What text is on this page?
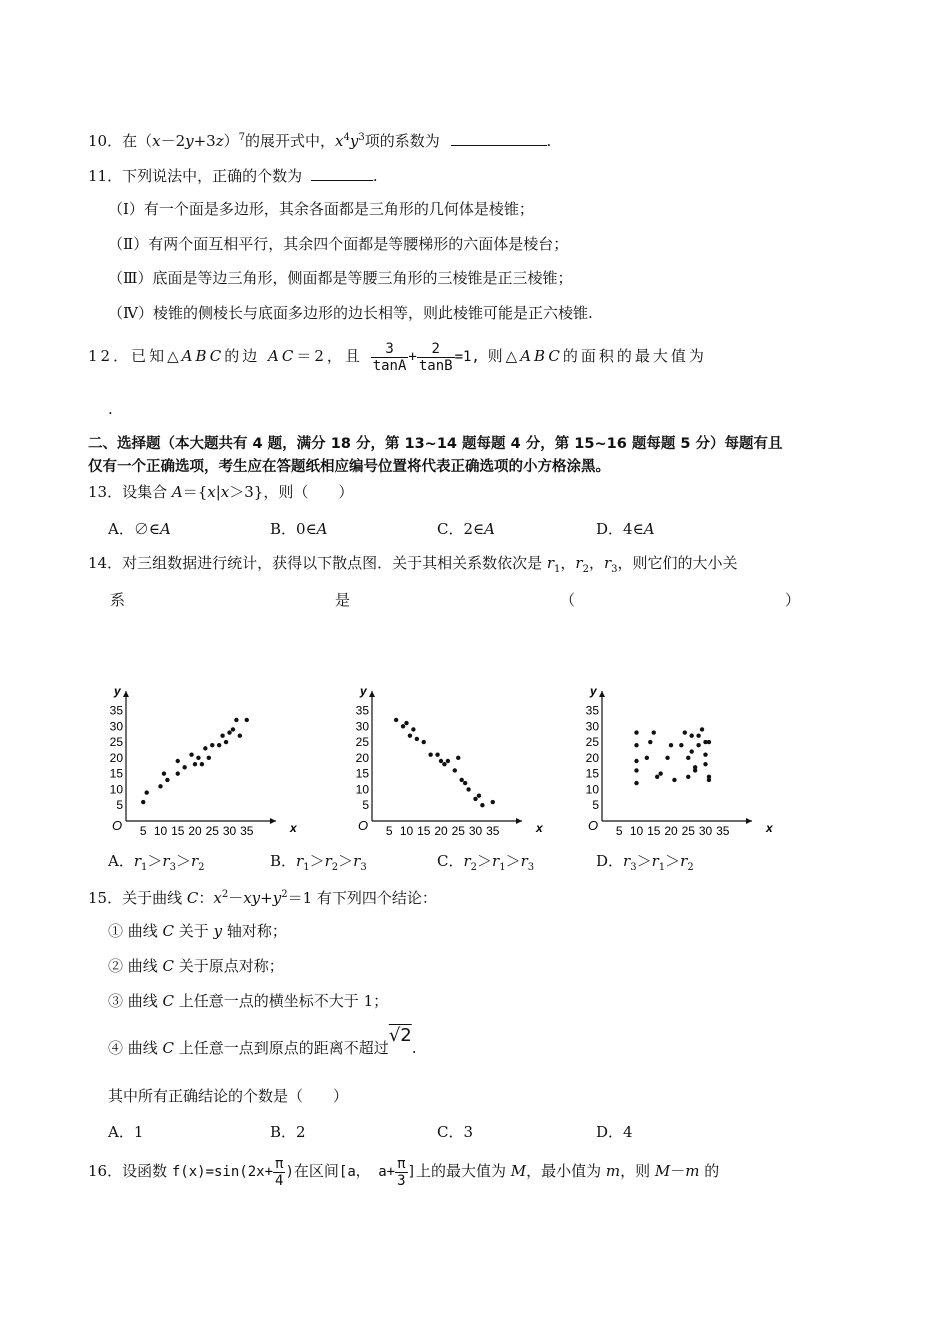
10．在$(x-2y+3z)^7$的展开式中，$x^4y^3$项的系数为	.
11．下列说法中，正确的个数为	.
（Ⅰ）有一个面是多边形，其余各面都是三角形的几何体是棱锥；
（Ⅱ）有两个面互相平行，其余四个面都是等腰梯形的六面体是棱台；
（Ⅲ）底面是等边三角形，侧面都是等腰三角形的三棱锥是正三棱锥；
（Ⅳ）棱锥的侧棱长与底面多边形的边长相等，则此棱锥可能是正六棱锥.
12．已知△ABC的边 AC＝2，且 $\frac{3}{\tan A} + \frac{2}{\tan B} =1$, 则△ABC的面积的最大值为
.
二、选择题（本大题共有 4 题，满分 18 分，第 13~14 题每题 4 分，第 15~16 题每题 5 分）每题有且
仅有一个正确选项，考生应在答题纸相应编号位置将代表正确选项的小方格涂黑。
13．设集合 A＝{x|x＞3}，则（　　）
A．∅∈A	B．0∈A	C．2∈A	D．4∈A
14．对三组数据进行统计，获得以下散点图．关于其相关系数依次是 $r_1$，$r_2$，$r_3$，则它们的大小关
系	是	（	）
O	x
y
5 10 15 20 25 30 35
5
10
15
20
25
30
35
O	x
y
5 10 15 20 25 30 35
5
10
15
20
25
30
35
O	x
y
5 10 15 20 25 30 35
5
10
15
20
25
30
35
A．$r_1>r_3>r_2$	B．$r_1>r_2>r_3$	C．$r_2>r_1>r_3$	D．$r_3>r_1>r_2$
15．关于曲线 C：$x^2-xy+y^2=1$ 有下列四个结论：
① 曲线 C 关于 y 轴对称；
② 曲线 C 关于原点对称；
③ 曲线 C 上任意一点的横坐标不大于 1；
④ 曲线 C 上任意一点到原点的距离不超过√2.
其中所有正确结论的个数是（　　）
A．1	B．2	C．3	D．4
16．设函数 $f(x)=\sin(2x+ \frac{\pi}{4}$ )在区间[a， $a+ \frac{\pi}{3}$ ]上的最大值为 M，最小值为 m，则 M－m 的
